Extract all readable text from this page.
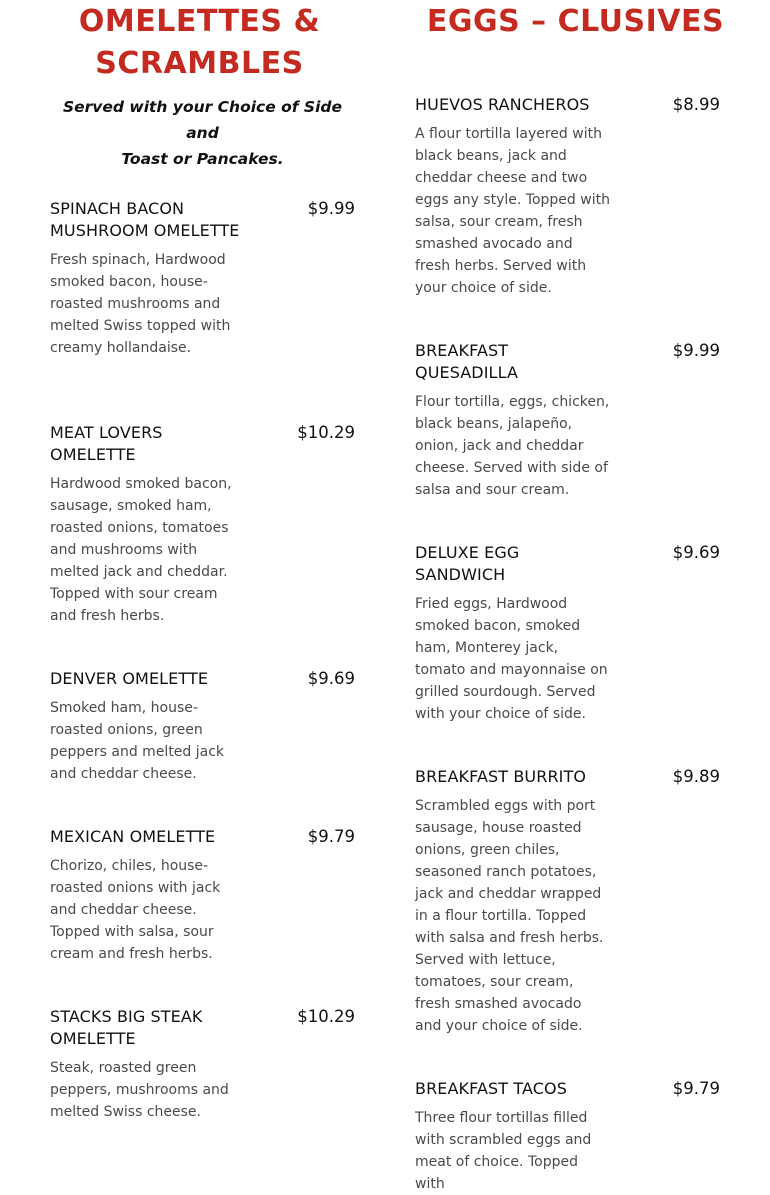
OMELETTES &
SCRAMBLES

Served with your Choice of Side and
Toast or Pancakes.

SPINACH BACON MUSHROOM OMELETTE
$9.99
Fresh spinach, Hardwood smoked bacon, house-roasted mushrooms and melted Swiss topped with creamy hollandaise.
MEAT LOVERS OMELETTE
$10.29
Hardwood smoked bacon, sausage, smoked ham, roasted onions, tomatoes and mushrooms with melted jack and cheddar. Topped with sour cream and fresh herbs.
DENVER OMELETTE	$9.69
Smoked ham, house-roasted onions, green peppers and melted jack and cheddar cheese.
MEXICAN OMELETTE	$9.79
Chorizo, chiles, house-roasted onions with jack and cheddar cheese. Topped with salsa, sour cream and fresh herbs.
STACKS BIG STEAK OMELETTE
$10.29
Steak, roasted green peppers, mushrooms and melted Swiss cheese.
EGGS – CLUSIVES
HUEVOS RANCHEROS	$8.99
A flour tortilla layered with black beans, jack and cheddar cheese and two eggs any style. Topped with salsa, sour cream, fresh smashed avocado and fresh herbs. Served with your choice of side.
BREAKFAST QUESADILLA
$9.99
Flour tortilla, eggs, chicken, black beans, jalapeño, onion, jack and cheddar cheese. Served with side of salsa and sour cream.
DELUXE EGG SANDWICH
$9.69
Fried eggs, Hardwood smoked bacon, smoked ham, Monterey jack, tomato and mayonnaise on grilled sourdough. Served with your choice of side.
BREAKFAST BURRITO	$9.89
Scrambled eggs with port sausage, house roasted onions, green chiles, seasoned ranch potatoes, jack and cheddar wrapped in a flour tortilla. Topped with salsa and fresh herbs. Served with lettuce, tomatoes, sour cream, fresh smashed avocado and your choice of side.
BREAKFAST TACOS	$9.79
Three flour tortillas filled with scrambled eggs and meat of choice. Topped with
